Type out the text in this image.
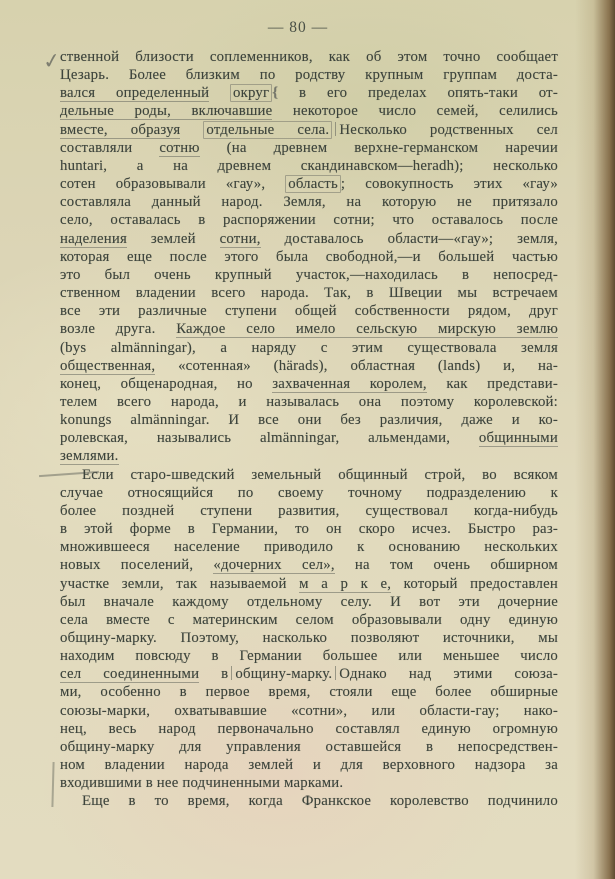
— 80 —
✓
ственной близости соплеменников, как об этом точно сообщает
Цезарь. Более близким по родству крупным группам доста-
вался определенный округ { в его пределах опять-таки от-
дельные роды, включавшие некоторое число семей, селились
вместе, образуя отдельные села. Несколько родственных сел
составляли сотню (на древнем верхне-германском наречии
huntari, а на древнем скандинавском—heradh); несколько
сотен образовывали «гау», область ; совокупность этих «гау»
составляла данный народ. Земля, на которую не притязало
село, оставалась в распоряжении сотни; что оставалось после
наделения землей сотни, доставалось области—«гау»; земля,
которая еще после этого была свободной,—и большей частью
это был очень крупный участок,—находилась в непосред-
ственном владении всего народа. Так, в Швеции мы встречаем
все эти различные ступени общей собственности рядом, друг
возле друга. Каждое село имело сельскую мирскую землю
(bys almänningar), а наряду с этим существовала земля
общественная, «сотенная» (härads), областная (lands) и, на-
конец, общенародная, но захваченная королем, как представи-
телем всего народа, и называлась она поэтому королевской:
konungs almänningar. И все они без различия, даже и ко-
ролевская, назывались almänningar, альмендами, общинными
землями.
Если старо-шведский земельный общинный строй, во всяком
случае относящийся по своему точному подразделению к
более поздней ступени развития, существовал когда-нибудь
в этой форме в Германии, то он скоро исчез. Быстро раз-
множившееся население приводило к основанию нескольких
новых поселений, «дочерних сел», на том очень обширном
участке земли, так называемой м а р к е, который предоставлен
был вначале каждому отдельному селу. И вот эти дочерние
села вместе с материнским селом образовывали одну единую
общину-марку. Поэтому, насколько позволяют источники, мы
находим повсюду в Германии большее или меньшее число
сел соединенными в общину-марку. Однако над этими союза-
ми, особенно в первое время, стояли еще более обширные
союзы-марки, охватывавшие «сотни», или области-гау; нако-
нец, весь народ первоначально составлял единую огромную
общину-марку для управления оставшейся в непосредствен-
ном владении народа землей и для верховного надзора за
входившими в нее подчиненными марками.
Еще в то время, когда Франкское королевство подчинило
